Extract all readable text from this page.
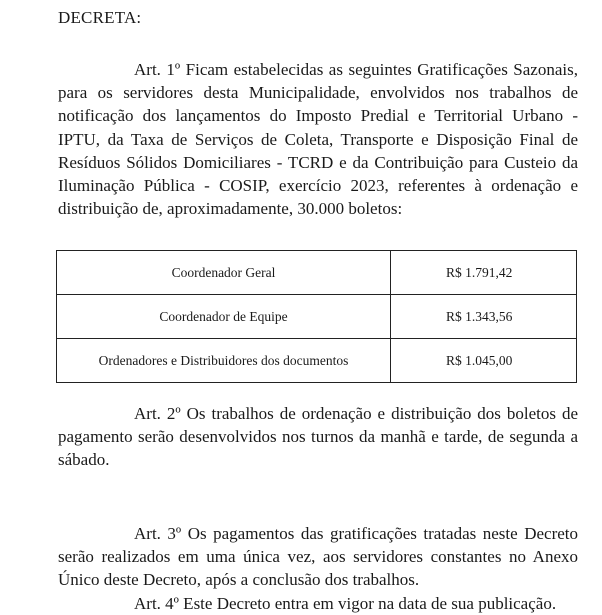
DECRETA:

Art. 1º Ficam estabelecidas as seguintes Gratificações Sazonais, para os servidores desta Municipalidade, envolvidos nos trabalhos de notificação dos lançamentos do Imposto Predial e Territorial Urbano - IPTU, da Taxa de Serviços de Coleta, Transporte e Disposição Final de Resíduos Sólidos Domiciliares - TCRD e da Contribuição para Custeio da Iluminação Pública - COSIP, exercício 2023, referentes à ordenação e distribuição de, aproximadamente, 30.000 boletos:

Coordenador Geral	R$ 1.791,42
Coordenador de Equipe	R$ 1.343,56
Ordenadores e Distribuidores dos documentos	R$ 1.045,00

Art. 2º Os trabalhos de ordenação e distribuição dos boletos de pagamento serão desenvolvidos nos turnos da manhã e tarde, de segunda a sábado.

Art. 3º Os pagamentos das gratificações tratadas neste Decreto serão realizados em uma única vez, aos servidores constantes no Anexo Único deste Decreto, após a conclusão dos trabalhos.

Art. 4º Este Decreto entra em vigor na data de sua publicação.
